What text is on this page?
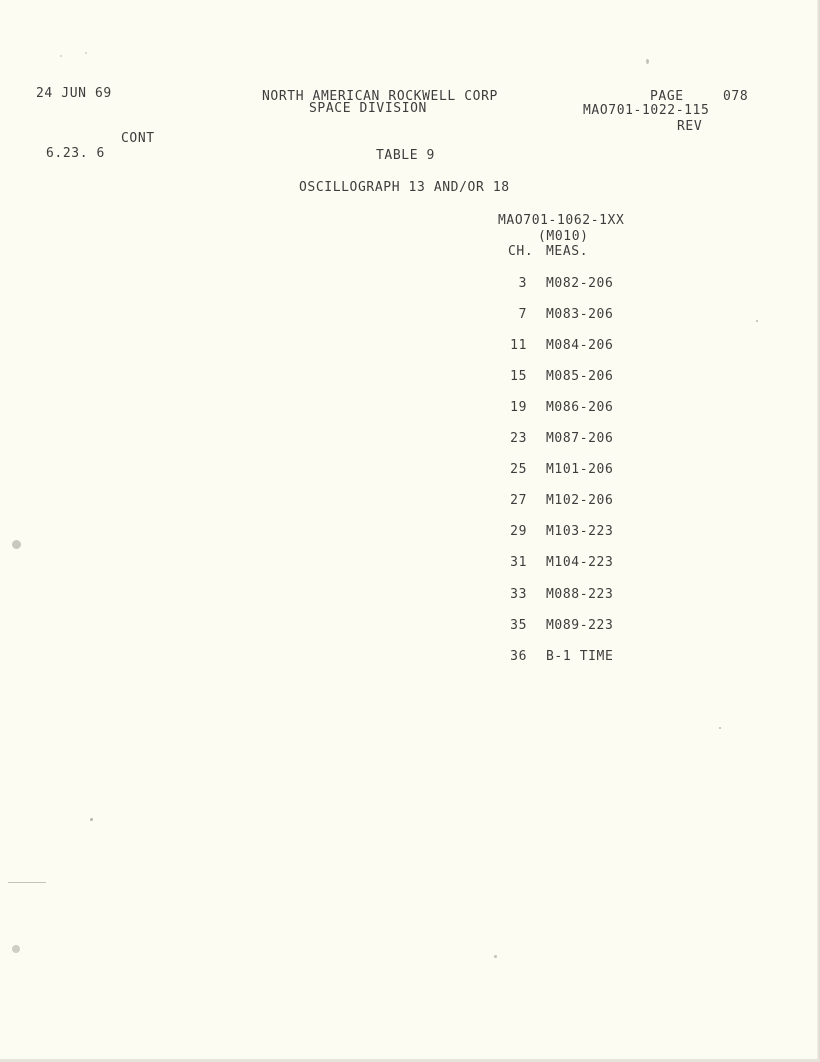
24 JUN 69	NORTH AMERICAN ROCKWELL CORP
SPACE DIVISION
PAGE	078
MAO701-1022-115
REV
CONT
6.23. 6	TABLE 9
OSCILLOGRAPH 13 AND/OR 18
MAO701-1062-1XX
(M010)
CH. MEAS.
3 M082-206
7 M083-206
11 M084-206
15 M085-206
19 M086-206
23 M087-206
25 M101-206
27 M102-206
29 M103-223
31 M104-223
33 M088-223
35 M089-223
36 B-1 TIME
